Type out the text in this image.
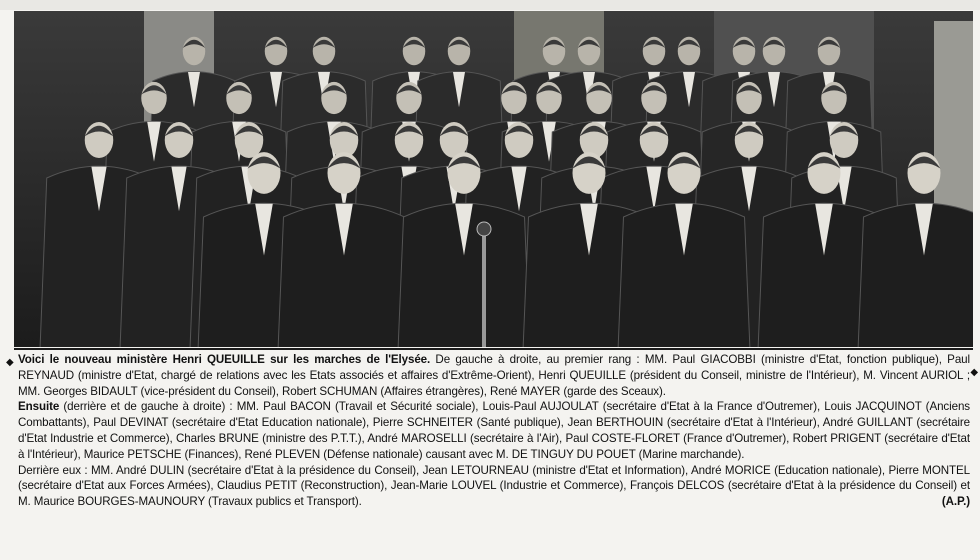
◆
◆

Voici le nouveau ministère Henri QUEUILLE sur les marches de l'Elysée. De gauche à droite, au premier rang : MM. Paul GIACOBBI (ministre d'Etat, fonction publique), Paul REYNAUD (ministre d'Etat, chargé de relations avec les Etats associés et affaires d'Extrême-Orient), Henri QUEUILLE (président du Conseil, ministre de l'Intérieur), M. Vincent AURIOL ; MM. Georges BIDAULT (vice-président du Conseil), Robert SCHUMAN (Affaires étrangères), René MAYER (garde des Sceaux).

Ensuite (derrière et de gauche à droite) : MM. Paul BACON (Travail et Sécurité sociale), Louis-Paul AUJOULAT (secrétaire d'Etat à la France d'Outremer), Louis JACQUINOT (Anciens Combattants), Paul DEVINAT (secrétaire d'Etat Education nationale), Pierre SCHNEITER (Santé publique), Jean BERTHOUIN (secrétaire d'Etat à l'Intérieur), André GUILLANT (secrétaire d'Etat Industrie et Commerce), Charles BRUNE (ministre des P.T.T.), André MAROSELLI (secrétaire à l'Air), Paul COSTE-FLORET (France d'Outremer), Robert PRIGENT (secrétaire d'Etat à l'Intérieur), Maurice PETSCHE (Finances), René PLEVEN (Défense nationale) causant avec M. DE TINGUY DU POUET (Marine marchande).

Derrière eux : MM. André DULIN (secrétaire d'Etat à la présidence du Conseil), Jean LETOURNEAU (ministre d'Etat et Information), André MORICE (Education nationale), Pierre MONTEL (secrétaire d'Etat aux Forces Armées), Claudius PETIT (Reconstruction), Jean-Marie LOUVEL (Industrie et Commerce), François DELCOS (secrétaire d'Etat à la présidence du Conseil) et M. Maurice BOURGES-MAUNOURY (Travaux publics et Transport).	(A.P.)
